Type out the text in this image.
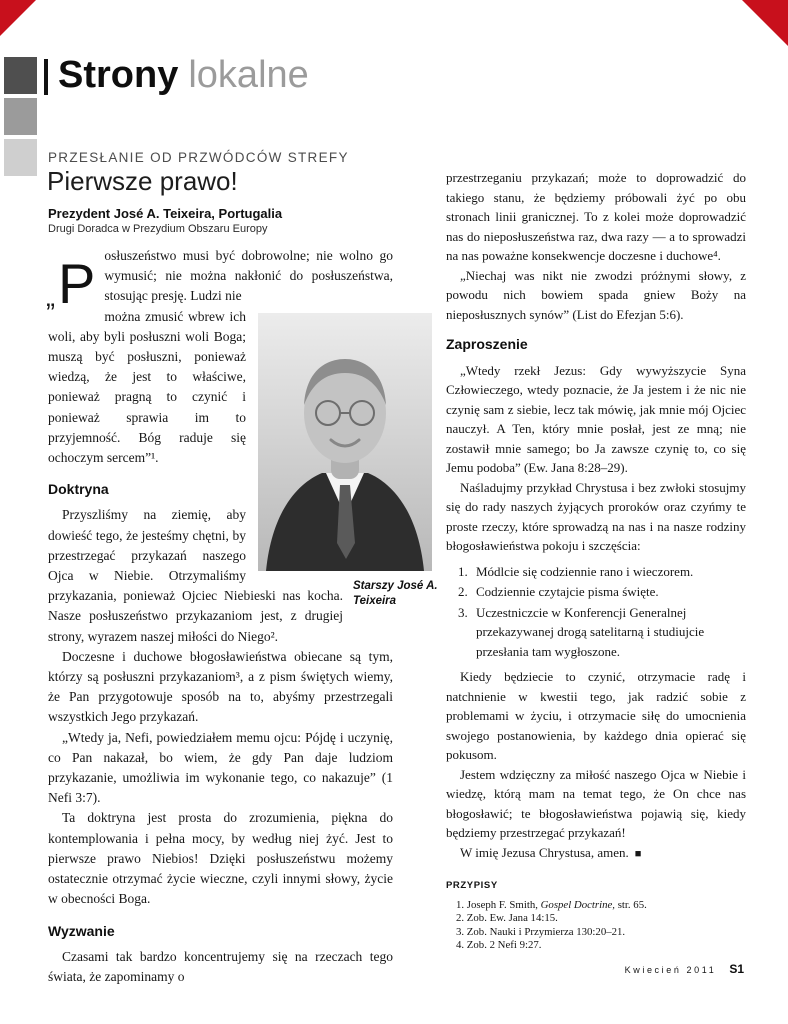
Strony lokalne
PRZESŁANIE OD PRZWÓDCÓW STREFY
Pierwsze prawo!
Prezydent José A. Teixeira, Portugalia
Drugi Doradca w Prezydium Obszaru Europy

„ P osłuszeństwo musi być dobrowolne; nie wolno go wymusić; nie można nakłonić do posłuszeństwa, stosując presję. Ludzi nie

Starszy José A.
Teixeira

można zmusić wbrew ich woli, aby byli posłuszni woli Boga; muszą być posłuszni, ponieważ wiedzą, że jest to właściwe, ponieważ pragną to czynić i ponieważ sprawia im to przyjemność. Bóg raduje się ochoczym sercem”¹.

Doktryna

Przyszliśmy na ziemię, aby dowieść tego, że jesteśmy chętni, by przestrzegać przykazań naszego Ojca w Niebie. Otrzymaliśmy przykazania, ponieważ Ojciec Niebieski nas kocha. Nasze posłuszeństwo przykazaniom jest, z drugiej strony, wyrazem naszej miłości do Niego².

Doczesne i duchowe błogosławieństwa obiecane są tym, którzy są posłuszni przykazaniom³, a z pism świętych wiemy, że Pan przygotowuje sposób na to, abyśmy przestrzegali wszystkich Jego przykazań.

„Wtedy ja, Nefi, powiedziałem memu ojcu: Pójdę i uczynię, co Pan nakazał, bo wiem, że gdy Pan daje ludziom przykazanie, umożliwia im wykonanie tego, co nakazuje” (1 Nefi 3:7).

Ta doktryna jest prosta do zrozumienia, piękna do kontemplowania i pełna mocy, by według niej żyć. Jest to pierwsze prawo Niebios! Dzięki posłuszeństwu możemy ostatecznie otrzymać życie wieczne, czyli innymi słowy, życie w obecności Boga.

Wyzwanie

Czasami tak bardzo koncentrujemy się na rzeczach tego świata, że zapominamy o

przestrzeganiu przykazań; może to doprowadzić do takiego stanu, że będziemy próbowali żyć po obu stronach linii granicznej. To z kolei może doprowadzić nas do nieposłuszeństwa raz, dwa razy — a to sprowadzi na nas poważne konsekwencje doczesne i duchowe⁴.

„Niechaj was nikt nie zwodzi próżnymi słowy, z powodu nich bowiem spada gniew Boży na nieposłusznych synów” (List do Efezjan 5:6).

Zaproszenie

„Wtedy rzekł Jezus: Gdy wywyższycie Syna Człowieczego, wtedy poznacie, że Ja jestem i że nic nie czynię sam z siebie, lecz tak mówię, jak mnie mój Ojciec nauczył. A Ten, który mnie posłał, jest ze mną; nie zostawił mnie samego; bo Ja zawsze czynię to, co się Jemu podoba” (Ew. Jana 8:28–29).

Naśladujmy przykład Chrystusa i bez zwłoki stosujmy się do rady naszych żyjących proroków oraz czyńmy te proste rzeczy, które sprowadzą na nas i na nasze rodziny błogosławieństwa pokoju i szczęścia:

1. Módlcie się codziennie rano i wieczorem.
2. Codziennie czytajcie pisma święte.
3. Uczestniczcie w Konferencji Generalnej przekazywanej drogą satelitarną i studiujcie przesłania tam wygłoszone.

Kiedy będziecie to czynić, otrzymacie radę i natchnienie w kwestii tego, jak radzić sobie z problemami w życiu, i otrzymacie siłę do umocnienia swojego postanowienia, by każdego dnia opierać się pokusom.

Jestem wdzięczny za miłość naszego Ojca w Niebie i wiedzę, którą mam na temat tego, że On chce nas błogosławić; te błogosławieństwa pojawią się, kiedy będziemy przestrzegać przykazań!

W imię Jezusa Chrystusa, amen. ■

PRZYPISY
1. Joseph F. Smith, Gospel Doctrine, str. 65.
2. Zob. Ew. Jana 14:15.
3. Zob. Nauki i Przymierza 130:20–21.
4. Zob. 2 Nefi 9:27.
Kwiecień 2011 S1
